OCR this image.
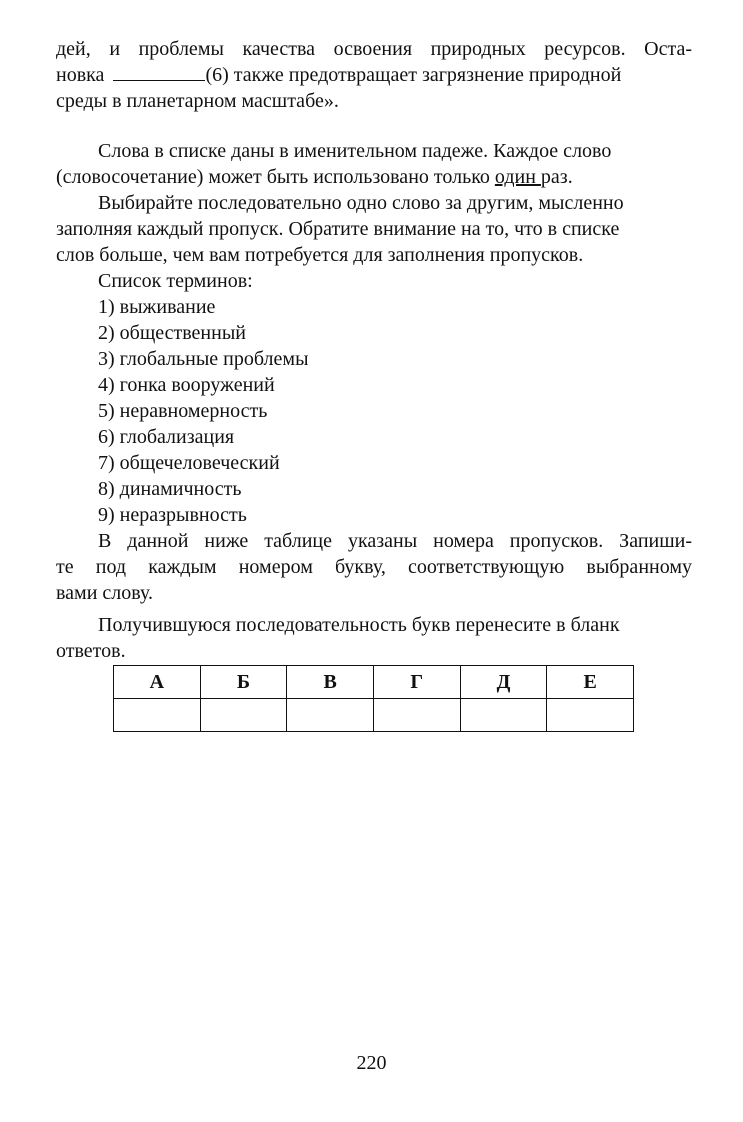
дей, и проблемы качества освоения природных ресурсов. Оста-
новка	(6) также предотвращает загрязнение природной
среды в планетарном масштабе».
Слова в списке даны в именительном падеже. Каждое слово
(словосочетание) может быть использовано только один раз.
Выбирайте последовательно одно слово за другим, мысленно
заполняя каждый пропуск. Обратите внимание на то, что в списке
слов больше, чем вам потребуется для заполнения пропусков.
Список терминов:
1) выживание
2) общественный
3) глобальные проблемы
4) гонка вооружений
5) неравномерность
6) глобализация
7) общечеловеческий
8) динамичность
9) неразрывность
В данной ниже таблице указаны номера пропусков. Запиши-
те под каждым номером букву, соответствующую выбранному
вами слову.
Получившуюся последовательность букв перенесите в бланк
ответов.
А	Б	В	Г	Д	Е

220
